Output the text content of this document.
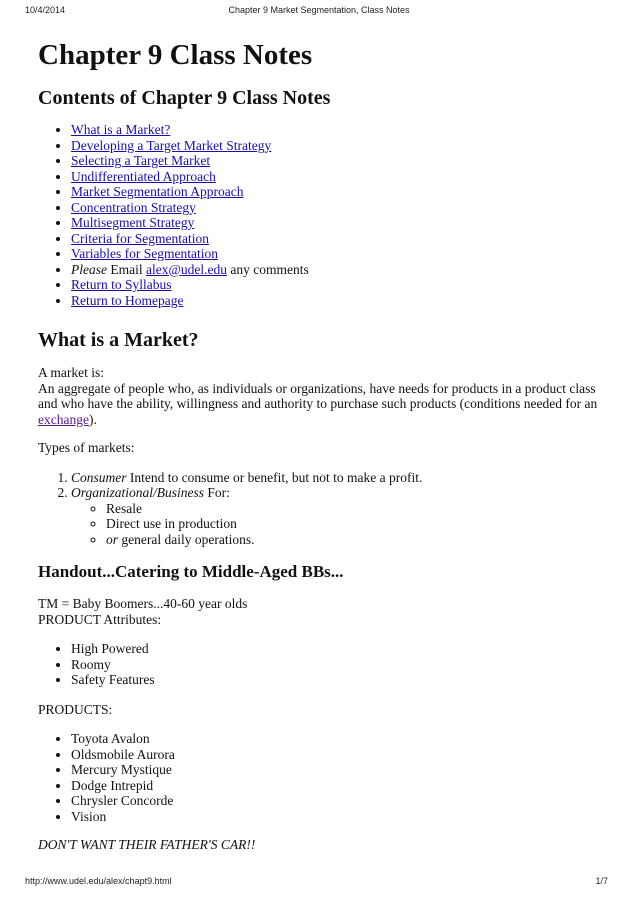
10/4/2014	Chapter 9 Market Segmentation, Class Notes
Chapter 9 Class Notes
Contents of Chapter 9 Class Notes
• What is a Market?
• Developing a Target Market Strategy
• Selecting a Target Market
• Undifferentiated Approach
• Market Segmentation Approach
• Concentration Strategy
• Multisegment Strategy
• Criteria for Segmentation
• Variables for Segmentation
• Please Email alex@udel.edu any comments
• Return to Syllabus
• Return to Homepage
What is a Market?

A market is:

An aggregate of people who, as individuals or organizations, have needs for products in a product class and who have the ability, willingness and authority to purchase such products (conditions needed for an exchange).

Types of markets:

1. Consumer Intend to consume or benefit, but not to make a profit.
2. Organizational/Business For:
◦ Resale
◦ Direct use in production
◦ or general daily operations.
Handout...Catering to Middle-Aged BBs...

TM = Baby Boomers...40-60 year olds

PRODUCT Attributes:

• High Powered
• Roomy
• Safety Features

PRODUCTS:

• Toyota Avalon
• Oldsmobile Aurora
• Mercury Mystique
• Dodge Intrepid
• Chrysler Concorde
• Vision

DON'T WANT THEIR FATHER'S CAR!!

http://www.udel.edu/alex/chapt9.html	1/7
